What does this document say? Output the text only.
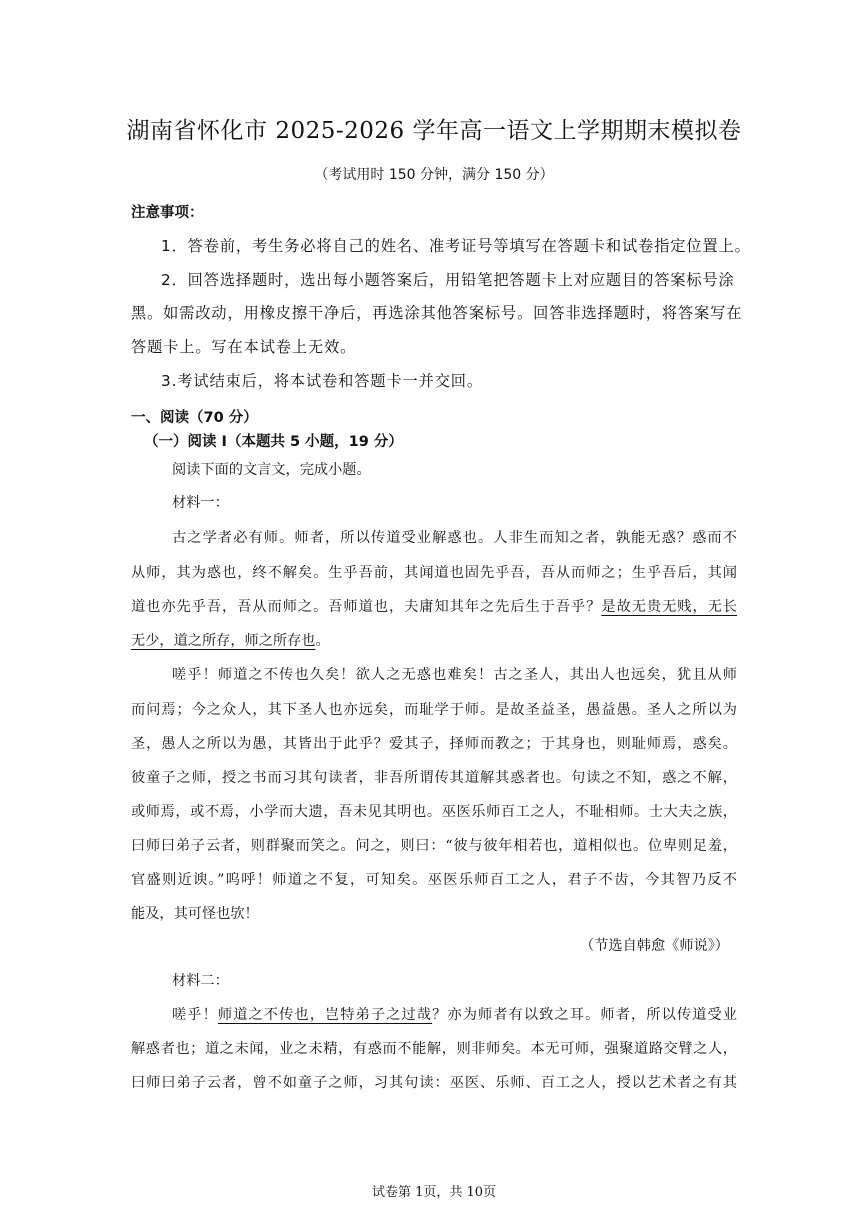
湖南省怀化市 2025-2026 学年高一语文上学期期末模拟卷
（考试用时 150 分钟，满分 150 分）
注意事项：
1．答卷前，考生务必将自己的姓名、准考证号等填写在答题卡和试卷指定位置上。
2．回答选择题时，选出每小题答案后，用铅笔把答题卡上对应题目的答案标号涂
黑。如需改动，用橡皮擦干净后，再选涂其他答案标号。回答非选择题时，将答案写在
答题卡上。写在本试卷上无效。
3.考试结束后，将本试卷和答题卡一并交回。
一、阅读（70 分）
（一）阅读 I（本题共 5 小题，19 分）
阅读下面的文言文，完成小题。
材料一：
古之学者必有师。师者，所以传道受业解惑也。人非生而知之者，孰能无惑？惑而不
从师，其为惑也，终不解矣。生乎吾前，其闻道也固先乎吾，吾从而师之；生乎吾后，其闻
道也亦先乎吾，吾从而师之。吾师道也，夫庸知其年之先后生于吾乎？是故无贵无贱，无长
无少，道之所存，师之所存也。
嗟乎！师道之不传也久矣！欲人之无惑也难矣！古之圣人，其出人也远矣，犹且从师
而问焉；今之众人，其下圣人也亦远矣，而耻学于师。是故圣益圣，愚益愚。圣人之所以为
圣，愚人之所以为愚，其皆出于此乎？爱其子，择师而教之；于其身也，则耻师焉，惑矣。
彼童子之师，授之书而习其句读者，非吾所谓传其道解其惑者也。句读之不知，惑之不解，
或师焉，或不焉，小学而大遗，吾未见其明也。巫医乐师百工之人，不耻相师。士大夫之族，
曰师曰弟子云者，则群聚而笑之。问之，则曰：“彼与彼年相若也，道相似也。位卑则足羞，
官盛则近谀。”呜呼！师道之不复，可知矣。巫医乐师百工之人，君子不齿，今其智乃反不
能及，其可怪也欤！
（节选自韩愈《师说》）
材料二：
嗟乎！师道之不传也，岂特弟子之过哉？亦为师者有以致之耳。师者，所以传道受业
解惑者也；道之未闻，业之未精，有惑而不能解，则非师矣。本无可师，强聚道路交臂之人，
曰师曰弟子云者，曾不如童子之师，习其句读：巫医、乐师、百工之人，授以艺术者之有其
试卷第 1页，共 10页
